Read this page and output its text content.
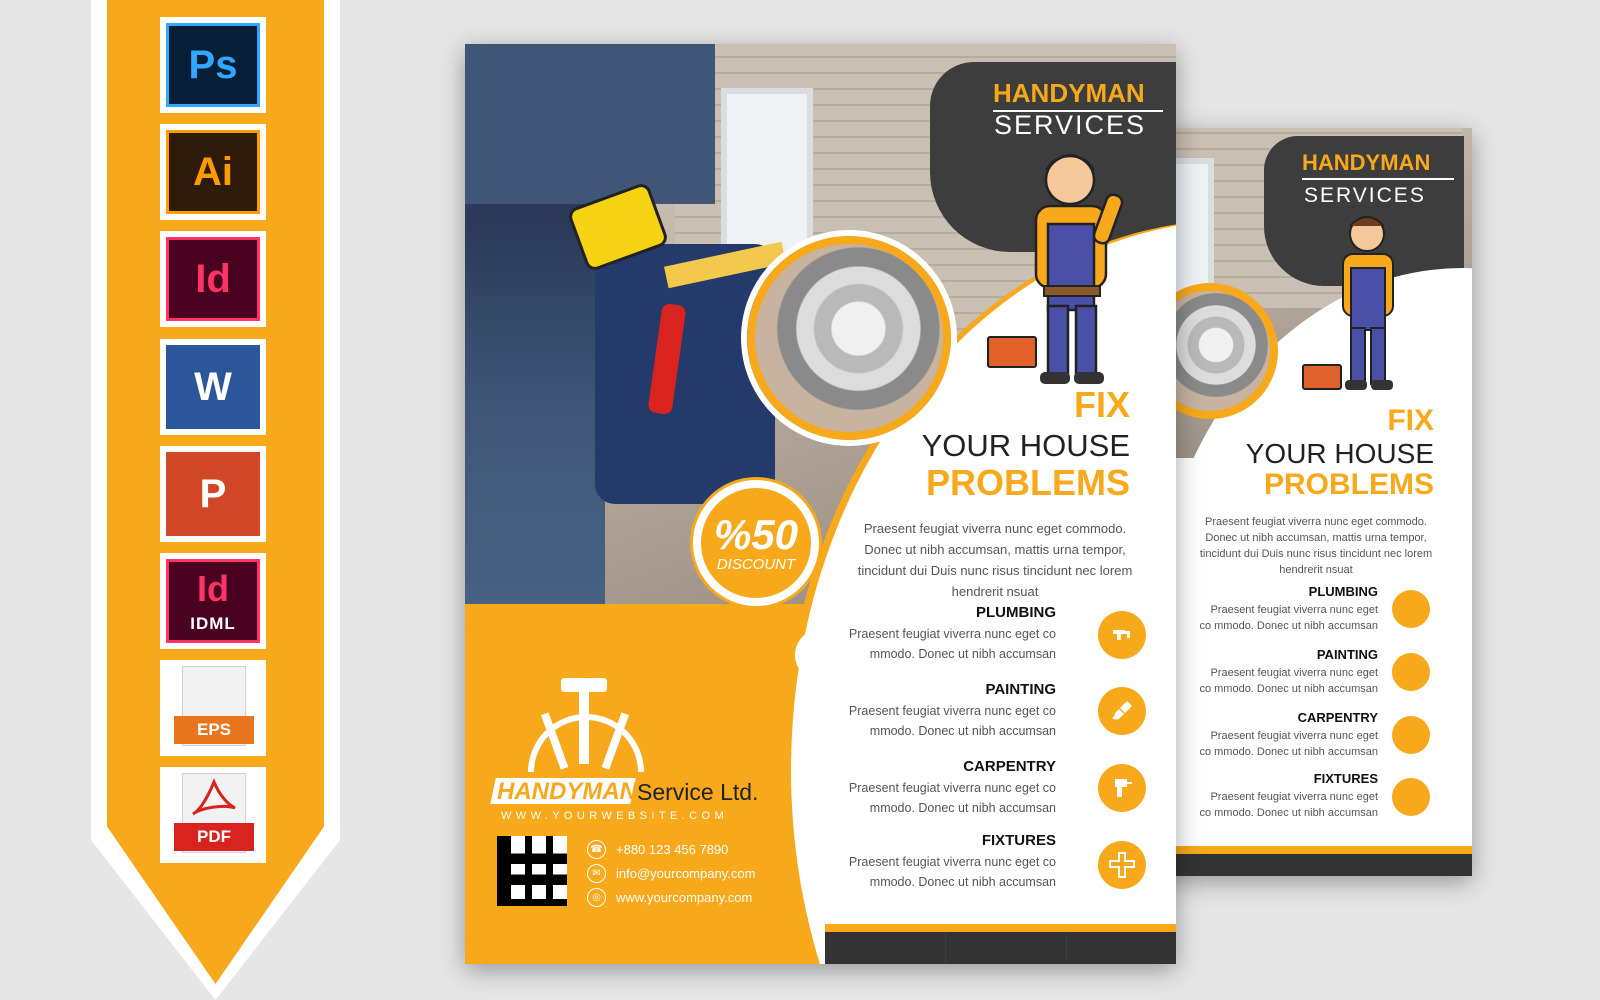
Ps
Ai
Id
W
P
Id
IDML
EPS
PDF
HANDYMAN
SERVICES
FIX
YOUR HOUSE
PROBLEMS
Praesent feugiat viverra nunc eget commodo. Donec ut nibh accumsan, mattis urna tempor, tincidunt dui Duis nunc risus tincidunt nec lorem hendrerit nsuat
PLUMBING
Praesent feugiat viverra nunc eget co mmodo. Donec ut nibh accumsan
PAINTING
Praesent feugiat viverra nunc eget co mmodo. Donec ut nibh accumsan
CARPENTRY
Praesent feugiat viverra nunc eget co mmodo. Donec ut nibh accumsan
FIXTURES
Praesent feugiat viverra nunc eget co mmodo. Donec ut nibh accumsan
HANDYMAN
SERVICES
FIX
YOUR HOUSE
PROBLEMS
Praesent feugiat viverra nunc eget commodo. Donec ut nibh accumsan, mattis urna tempor, tincidunt dui Duis nunc risus tincidunt nec lorem hendrerit nsuat
%50
DISCOUNT
PLUMBING
Praesent feugiat viverra nunc eget co mmodo. Donec ut nibh accumsan
PAINTING
Praesent feugiat viverra nunc eget co mmodo. Donec ut nibh accumsan
CARPENTRY
Praesent feugiat viverra nunc eget co mmodo. Donec ut nibh accumsan
FIXTURES
Praesent feugiat viverra nunc eget co mmodo. Donec ut nibh accumsan
HANDYMAN Service Ltd.
WWW.YOURWEBSITE.COM
☎ +880 123 456 7890
✉	info@yourcompany.com
◎	www.yourcompany.com
